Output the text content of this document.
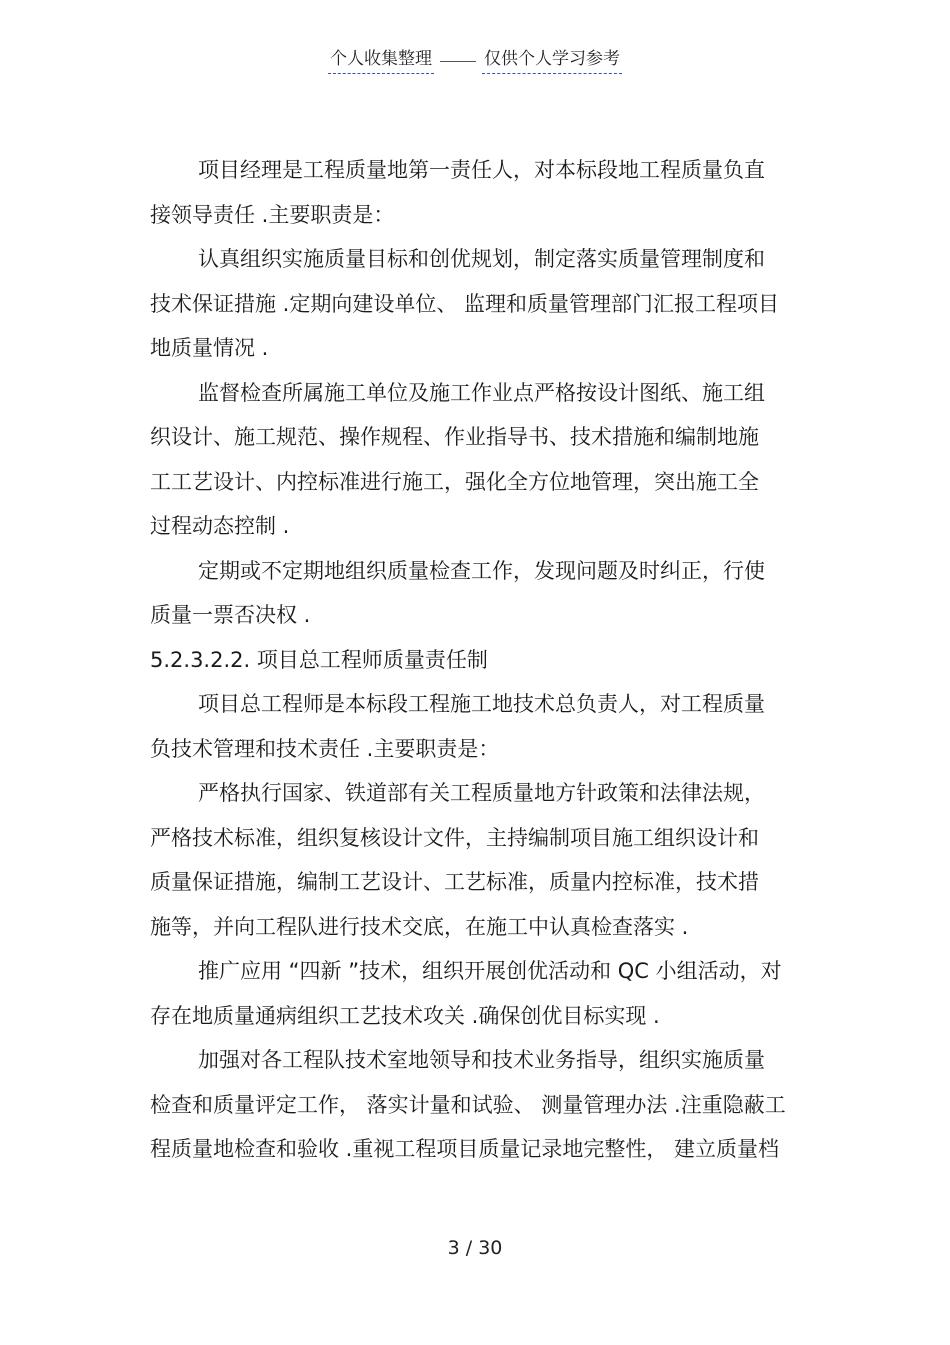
个人收集整理	仅供个人学习参考
项目经理是工程质量地第一责任人，对本标段地工程质量负直
接领导责任 .主要职责是：
认真组织实施质量目标和创优规划，制定落实质量管理制度和
技术保证措施 .定期向建设单位、 监理和质量管理部门汇报工程项目
地质量情况 .
监督检查所属施工单位及施工作业点严格按设计图纸、施工组
织设计、施工规范、操作规程、作业指导书、技术措施和编制地施
工工艺设计、内控标准进行施工，强化全方位地管理，突出施工全
过程动态控制 .
定期或不定期地组织质量检查工作，发现问题及时纠正，行使
质量一票否决权 .
5.2.3.2.2. 项目总工程师质量责任制
项目总工程师是本标段工程施工地技术总负责人，对工程质量
负技术管理和技术责任 .主要职责是：
严格执行国家、铁道部有关工程质量地方针政策和法律法规，
严格技术标准，组织复核设计文件，主持编制项目施工组织设计和
质量保证措施，编制工艺设计、工艺标准，质量内控标准，技术措
施等，并向工程队进行技术交底，在施工中认真检查落实 .
推广应用 “四新 ”技术，组织开展创优活动和 QC 小组活动，对
存在地质量通病组织工艺技术攻关 .确保创优目标实现 .
加强对各工程队技术室地领导和技术业务指导，组织实施质量
检查和质量评定工作， 落实计量和试验、 测量管理办法 .注重隐蔽工
程质量地检查和验收 .重视工程项目质量记录地完整性， 建立质量档
3 / 30
